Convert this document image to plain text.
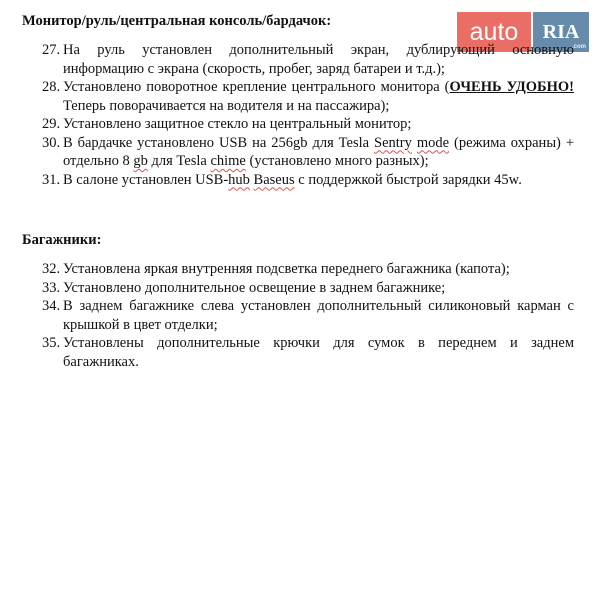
auto	RIA
.com
Монитор/руль/центральная консоль/бардачок:
27. На руль установлен дополнительный экран, дублирующий основную информацию с экрана (скорость, пробег, заряд батареи и т.д.);
28. Установлено поворотное крепление центрального монитора (ОЧЕНЬ УДОБНО! Теперь поворачивается на водителя и на пассажира);
29. Установлено защитное стекло на центральный монитор;
30. В бардачке установлено USB на 256gb для Tesla Sentry mode (режима охраны) + отдельно 8 gb для Tesla chime (установлено много разных);
31. В салоне установлен USB-hub Baseus с поддержкой быстрой зарядки 45w.
Багажники:
32. Установлена яркая внутренняя подсветка переднего багажника (капота);
33. Установлено дополнительное освещение в заднем багажнике;
34. В заднем багажнике слева установлен дополнительный силиконовый карман с крышкой в цвет отделки;
35. Установлены дополнительные крючки для сумок в переднем и заднем багажниках.
